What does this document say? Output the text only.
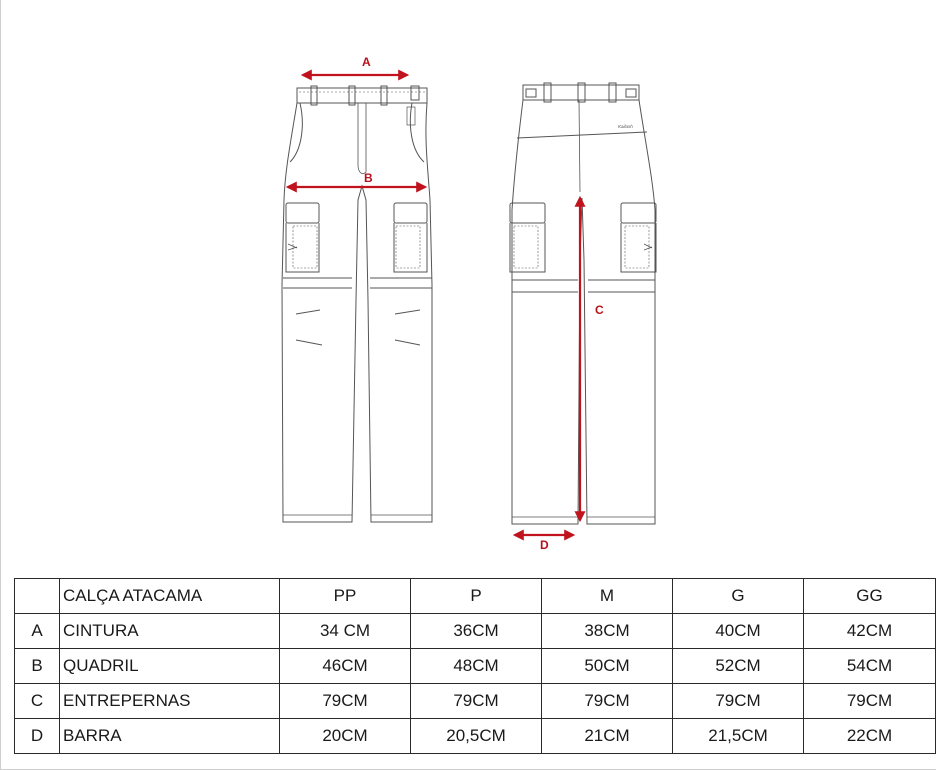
Kailash
A
B
C
D
	CALÇA ATACAMA	PP	P	M	G	GG
A	CINTURA	34 CM	36CM	38CM	40CM	42CM
B	QUADRIL	46CM	48CM	50CM	52CM	54CM
C	ENTREPERNAS	79CM	79CM	79CM	79CM	79CM
D	BARRA	20CM	20,5CM	21CM	21,5CM	22CM
